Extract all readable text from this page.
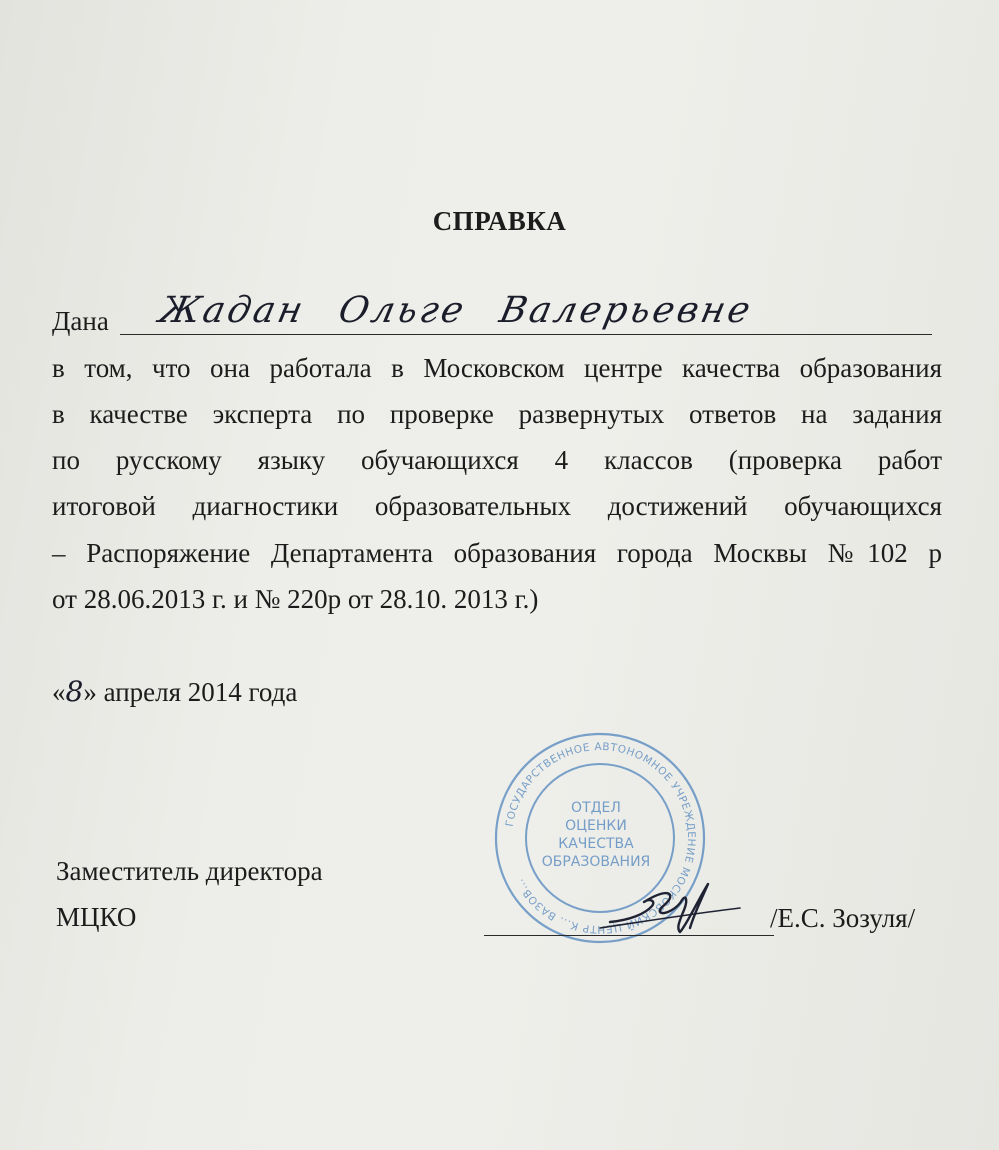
СПРАВКА
Дана Жадан Ольге Валерьевне
в том, что она работала в Московском центре качества образования
в качестве эксперта по проверке развернутых ответов на задания
по русскому языку обучающихся 4 классов (проверка работ
итоговой диагностики образовательных достижений обучающихся
– Распоряжение Департамента образования города Москвы №102 р
от 28.06.2013 г. и № 220р от 28.10. 2013 г.)
«8» апреля 2014 года
Заместитель директора
МЦКО
ГОСУДАРСТВЕННОЕ АВТОНОМНОЕ УЧРЕЖДЕНИЕ МОСКОВСКИЙ ЦЕНТР К... ВАЗОВ...
ОТДЕЛ
ОЦЕНКИ
КАЧЕСТВА
ОБРАЗОВАНИЯ
/Е.С. Зозуля/
